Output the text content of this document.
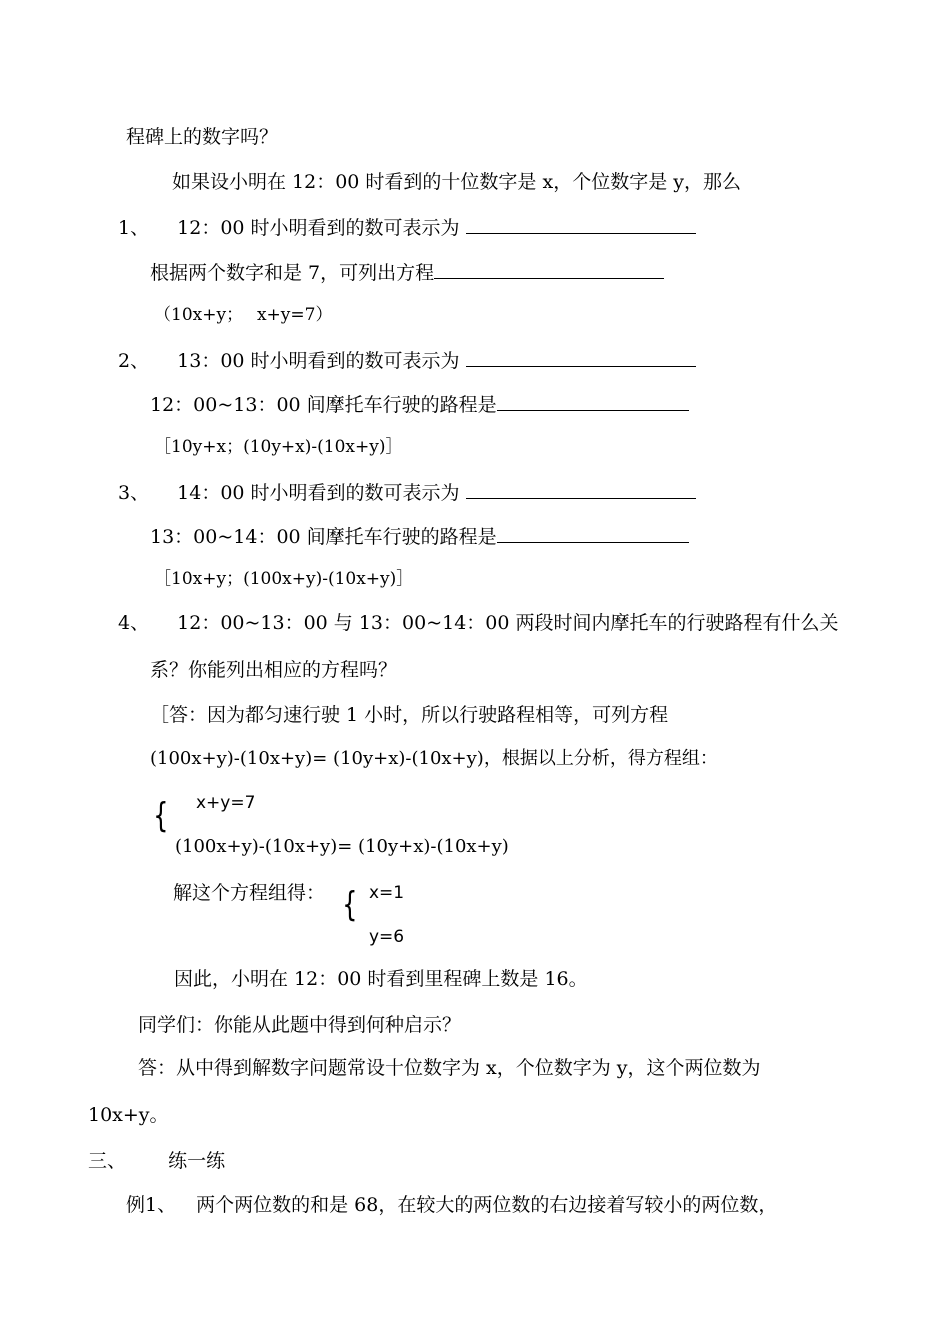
程碑上的数字吗？
如果设小明在 12：00 时看到的十位数字是 x，个位数字是 y，那么
1、 12：00 时小明看到的数可表示为
根据两个数字和是 7，可列出方程
（10x+y；　 x+y=7）
2、 13：00 时小明看到的数可表示为
12：00~13：00 间摩托车行驶的路程是
［10y+x；(10y+x)-(10x+y)］
3、 14：00 时小明看到的数可表示为
13：00~14：00 间摩托车行驶的路程是
［10x+y；(100x+y)-(10x+y)］
4、 12：00~13：00 与 13：00~14：00 两段时间内摩托车的行驶路程有什么关
系？你能列出相应的方程吗？
［答：因为都匀速行驶 1 小时，所以行驶路程相等，可列方程
(100x+y)-(10x+y)= (10y+x)-(10x+y)，根据以上分析，得方程组：
{ x+y=7
(100x+y)-(10x+y)= (10y+x)-(10x+y)
解这个方程组得： { x=1
y=6
因此，小明在 12：00 时看到里程碑上数是 16。
同学们：你能从此题中得到何种启示？
答：从中得到解数字问题常设十位数字为 x，个位数字为 y，这个两位数为
10x+y。
三、 练一练
例1、 两个两位数的和是 68，在较大的两位数的右边接着写较小的两位数，
